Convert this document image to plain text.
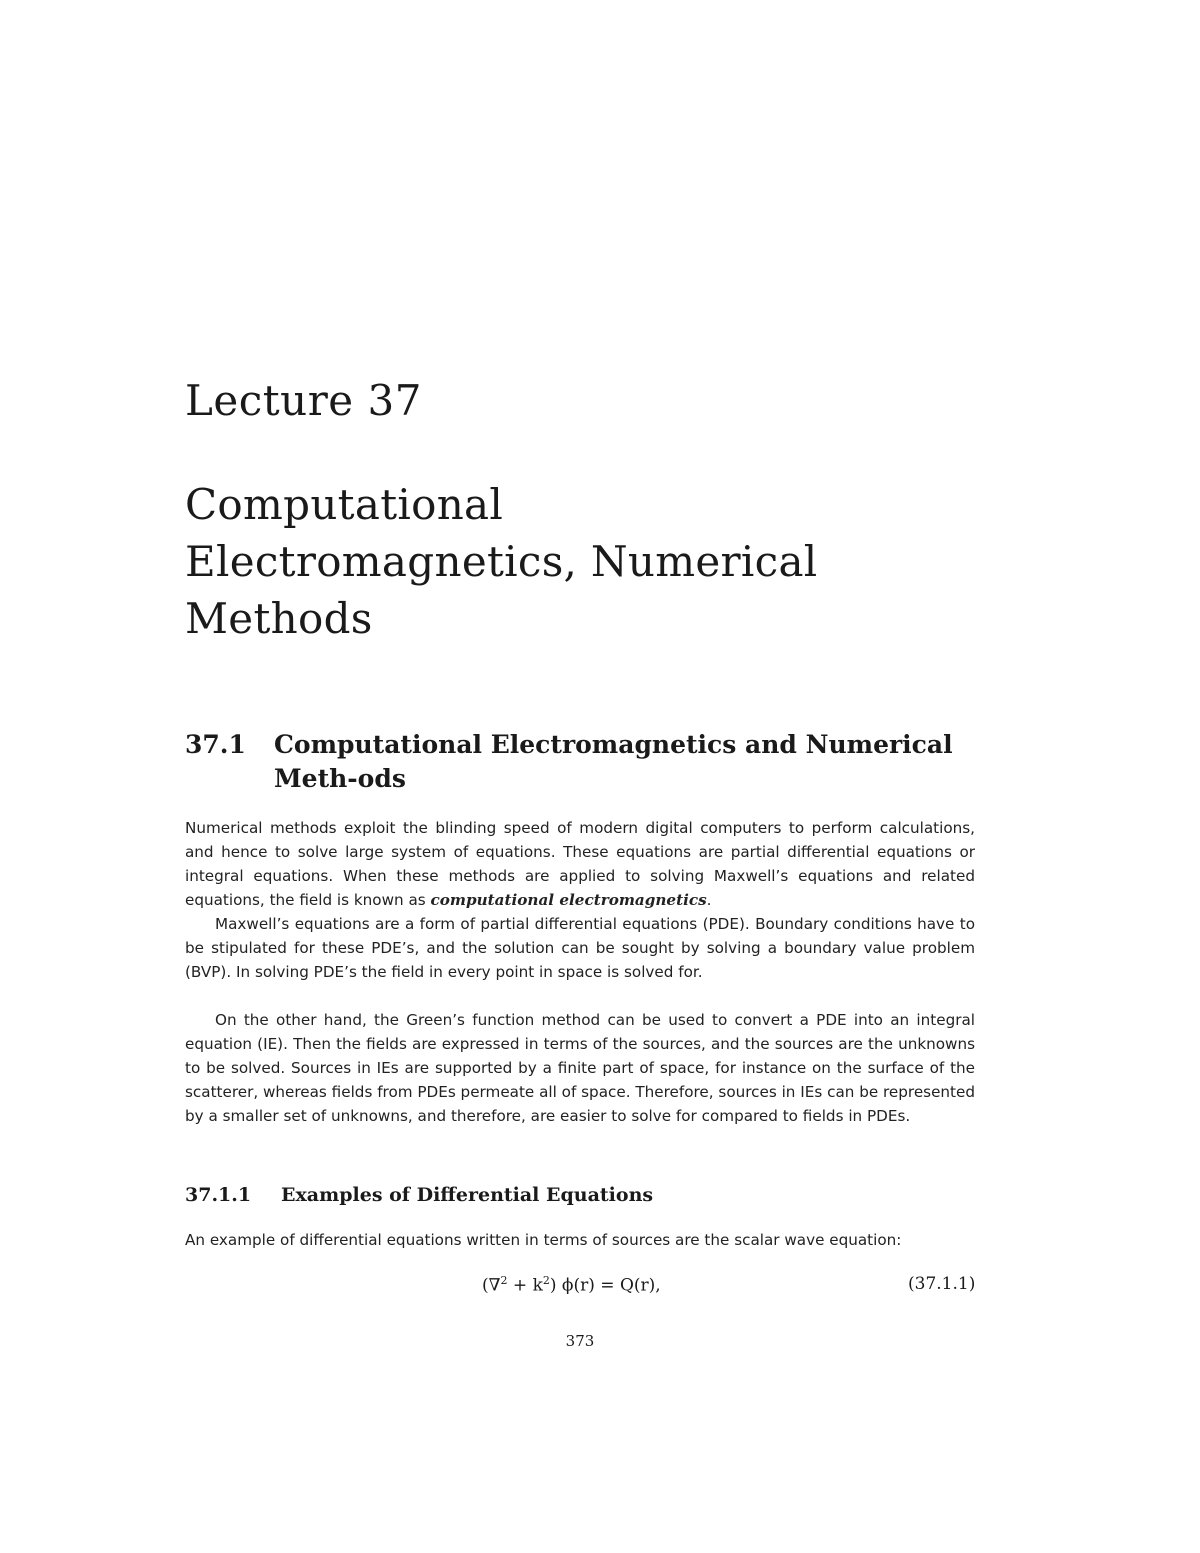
Lecture 37
Computational
Electromagnetics, Numerical
Methods
37.1 Computational Electromagnetics and Numerical Meth-ods

Numerical methods exploit the blinding speed of modern digital computers to perform calculations, and hence to solve large system of equations. These equations are partial differential equations or integral equations. When these methods are applied to solving Maxwell’s equations and related equations, the field is known as computational electromagnetics.

Maxwell’s equations are a form of partial differential equations (PDE). Boundary conditions have to be stipulated for these PDE’s, and the solution can be sought by solving a boundary value problem (BVP). In solving PDE’s the field in every point in space is solved for.

On the other hand, the Green’s function method can be used to convert a PDE into an integral equation (IE). Then the fields are expressed in terms of the sources, and the sources are the unknowns to be solved. Sources in IEs are supported by a finite part of space, for instance on the surface of the scatterer, whereas fields from PDEs permeate all of space. Therefore, sources in IEs can be represented by a smaller set of unknowns, and therefore, are easier to solve for compared to fields in PDEs.

37.1.1 Examples of Differential Equations

An example of differential equations written in terms of sources are the scalar wave equation:

$(\nabla^2 + k^2)$ ϕ(r) = Q(r),	(37.1.1)
373
